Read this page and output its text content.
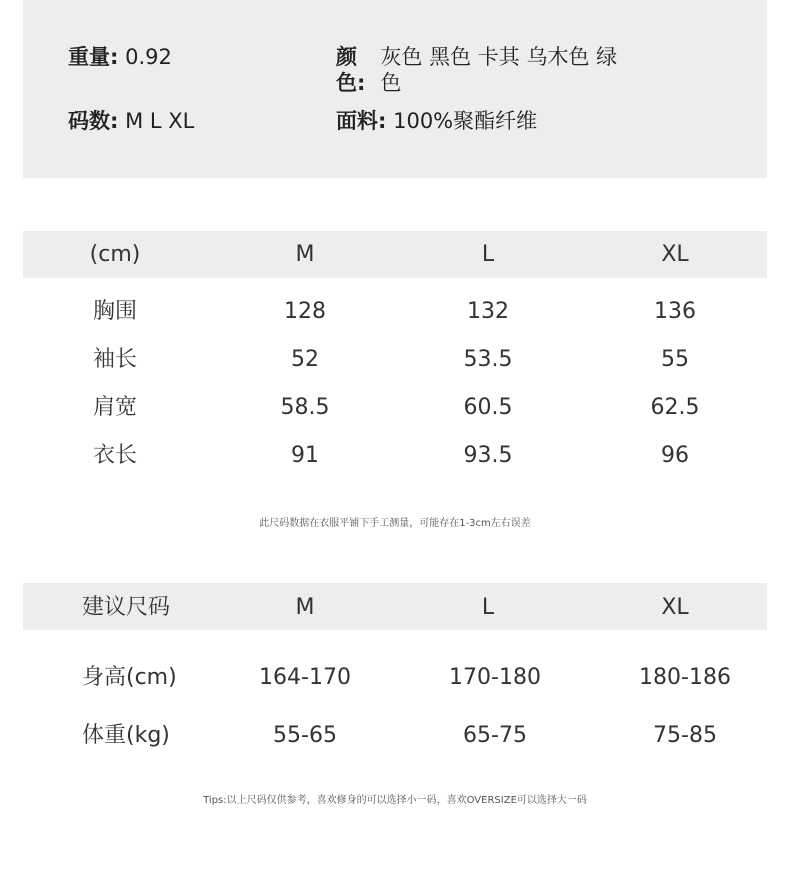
重量: 0.92
码数: M L XL
颜色:
灰色 黑色 卡其 乌木色 绿色
面料: 100%聚酯纤维
(cm)	M	L	XL
胸围	128	132	136
袖长	52	53.5	55
肩宽	58.5	60.5	62.5
衣长	91	93.5	96
此尺码数据在衣服平铺下手工测量，可能存在1-3cm左右误差
建议尺码	M	L	XL
身高(cm)	164-170	170-180	180-186
体重(kg)	55-65	65-75	75-85
Tips:以上尺码仅供参考，喜欢修身的可以选择小一码，喜欢OVERSIZE可以选择大一码
